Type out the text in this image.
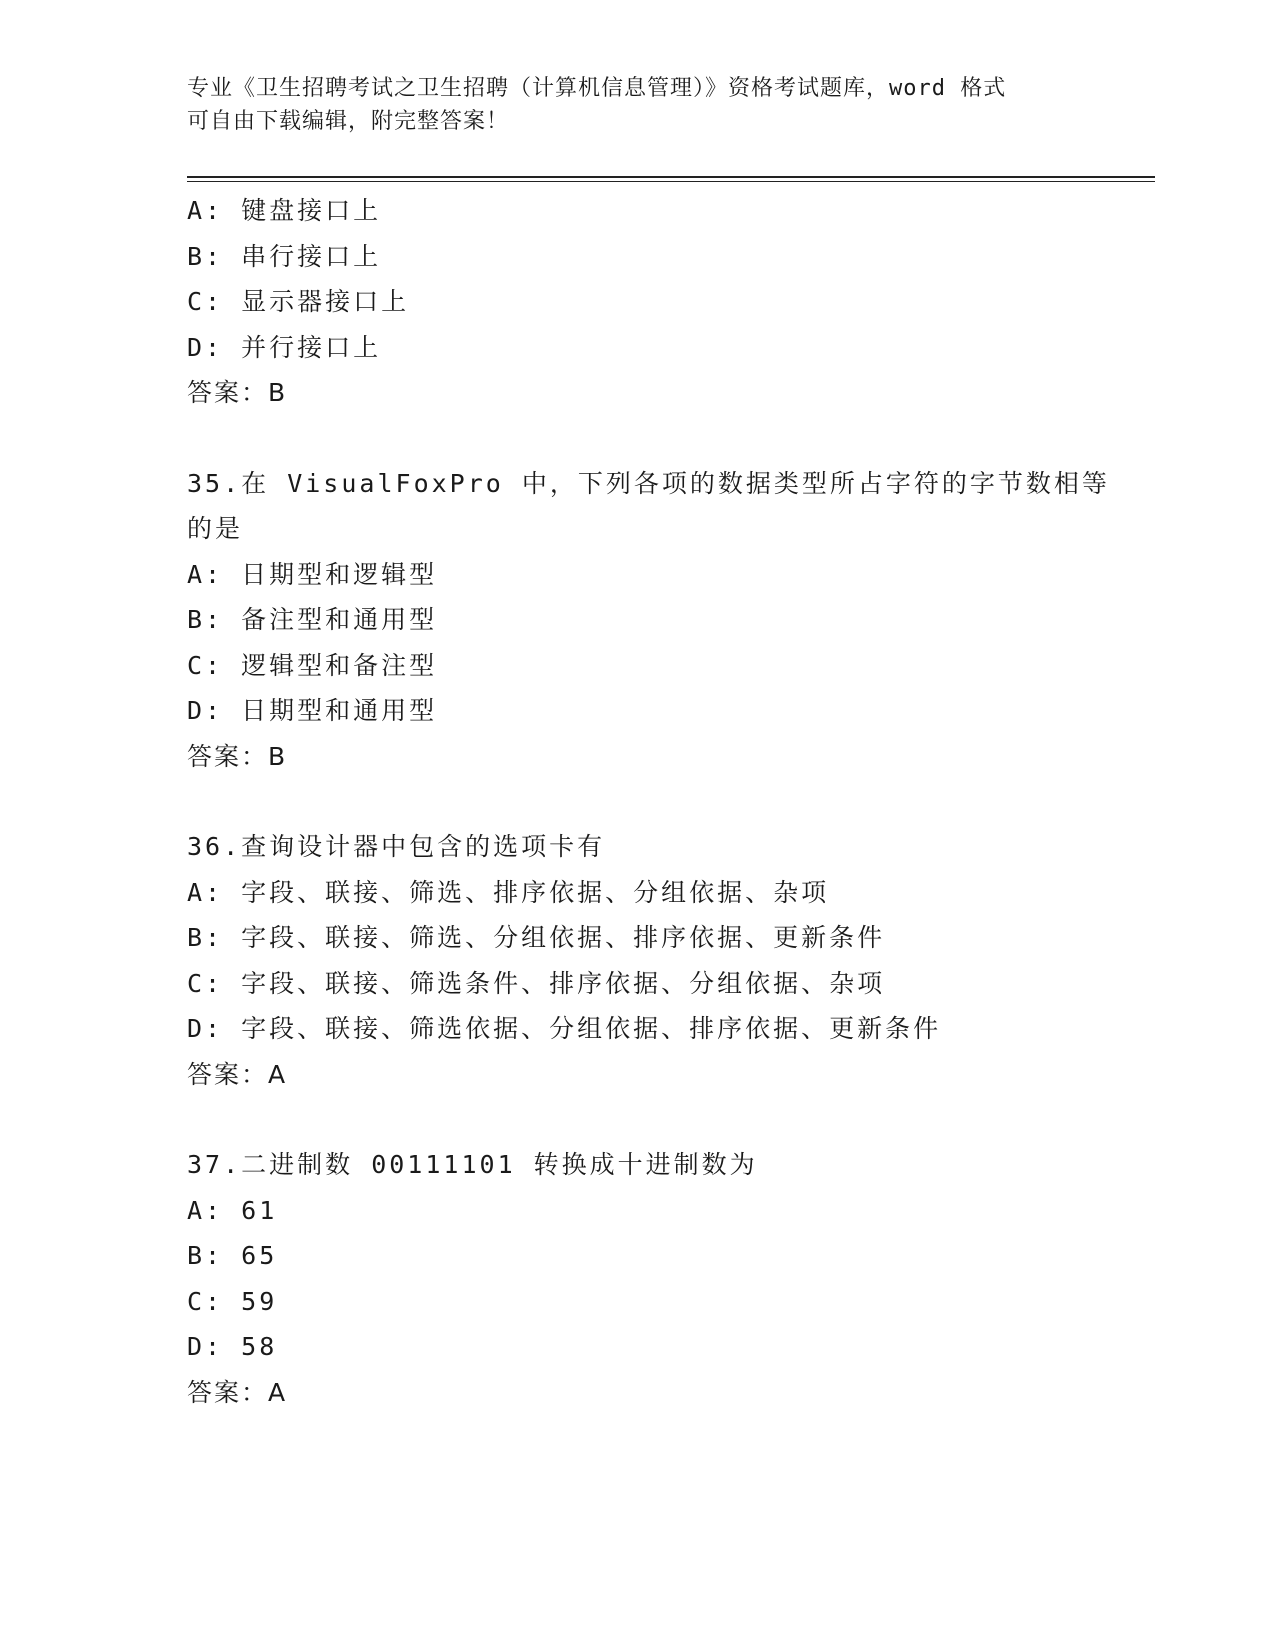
专业《卫生招聘考试之卫生招聘（计算机信息管理）》资格考试题库，word 格式
可自由下载编辑，附完整答案！
A: 键盘接口上
B: 串行接口上
C: 显示器接口上
D: 并行接口上
答案：B
35.在 VisualFoxPro 中，下列各项的数据类型所占字符的字节数相等
的是
A: 日期型和逻辑型
B: 备注型和通用型
C: 逻辑型和备注型
D: 日期型和通用型
答案：B
36.查询设计器中包含的选项卡有
A: 字段、联接、筛选、排序依据、分组依据、杂项
B: 字段、联接、筛选、分组依据、排序依据、更新条件
C: 字段、联接、筛选条件、排序依据、分组依据、杂项
D: 字段、联接、筛选依据、分组依据、排序依据、更新条件
答案：A
37.二进制数 00111101 转换成十进制数为
A: 61
B: 65
C: 59
D: 58
答案：A
